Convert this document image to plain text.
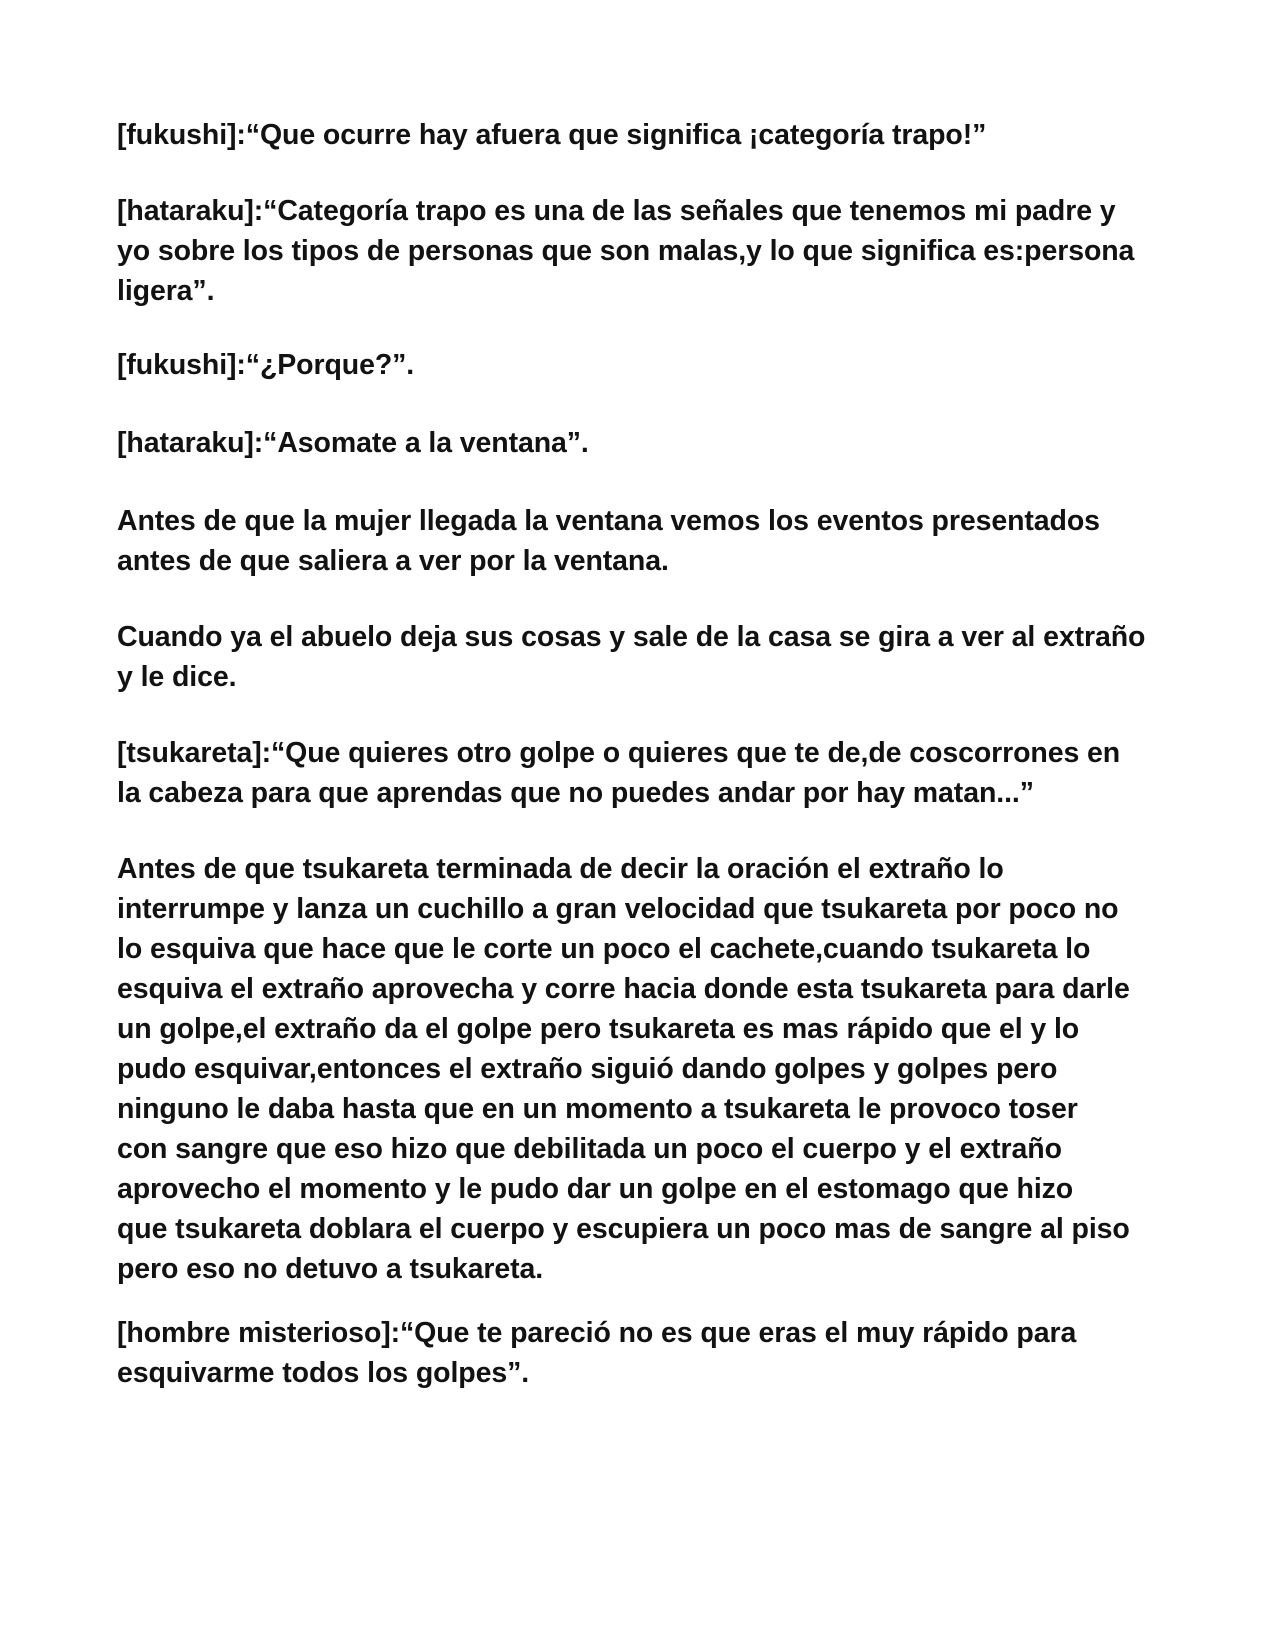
[fukushi]:“Que ocurre hay afuera que significa ¡categoría trapo!”

[hataraku]:“Categoría trapo es una de las señales que tenemos mi padre y
yo sobre los tipos de personas que son malas,y lo que significa es:persona
ligera”.

[fukushi]:“¿Porque?”.

[hataraku]:“Asomate a la ventana”.

Antes de que la mujer llegada la ventana vemos los eventos presentados
antes de que saliera a ver por la ventana.

Cuando ya el abuelo deja sus cosas y sale de la casa se gira a ver al extraño
y le dice.

[tsukareta]:“Que quieres otro golpe o quieres que te de,de coscorrones en
la cabeza para que aprendas que no puedes andar por hay matan...”

Antes de que tsukareta terminada de decir la oración el extraño lo
interrumpe y lanza un cuchillo a gran velocidad que tsukareta por poco no
lo esquiva que hace que le corte un poco el cachete,cuando tsukareta lo
esquiva el extraño aprovecha y corre hacia donde esta tsukareta para darle
un golpe,el extraño da el golpe pero tsukareta es mas rápido que el y lo
pudo esquivar,entonces el extraño siguió dando golpes y golpes pero
ninguno le daba hasta que en un momento a tsukareta le provoco toser
con sangre que eso hizo que debilitada un poco el cuerpo y el extraño
aprovecho el momento y le pudo dar un golpe en el estomago que hizo
que tsukareta doblara el cuerpo y escupiera un poco mas de sangre al piso
pero eso no detuvo a tsukareta.

[hombre misterioso]:“Que te pareció no es que eras el muy rápido para
esquivarme todos los golpes”.
